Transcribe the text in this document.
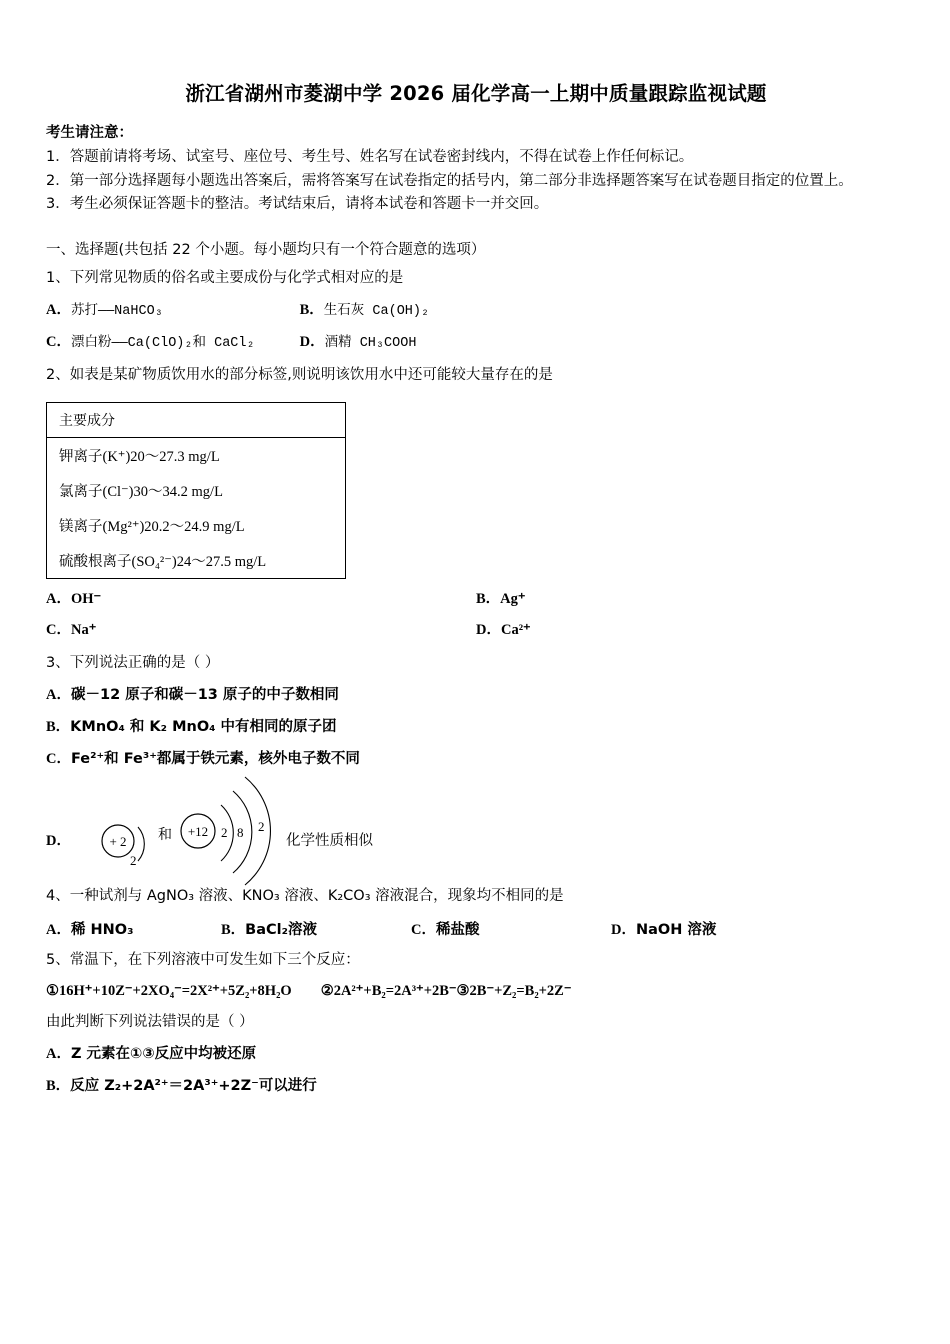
浙江省湖州市菱湖中学 2026 届化学高一上期中质量跟踪监视试题
考生请注意：
1．答题前请将考场、试室号、座位号、考生号、姓名写在试卷密封线内，不得在试卷上作任何标记。
2．第一部分选择题每小题选出答案后，需将答案写在试卷指定的括号内，第二部分非选择题答案写在试卷题目指定的位置上。
3．考生必须保证答题卡的整洁。考试结束后，请将本试卷和答题卡一并交回。
一、选择题(共包括 22 个小题。每小题均只有一个符合题意的选项）
1、下列常见物质的俗名或主要成份与化学式相对应的是
A．苏打——NaHCO₃	B．生石灰 Ca(OH)₂
C．漂白粉——Ca(ClO)₂和 CaCl₂	D．酒精 CH₃COOH
2、如表是某矿物质饮用水的部分标签,则说明该饮用水中还可能较大量存在的是
主要成分
钾离子(K⁺)20～27.3 mg/L
氯离子(Cl⁻)30～34.2 mg/L
镁离子(Mg²⁺)20.2～24.9 mg/L
硫酸根离子(SO₄²⁻)24～27.5 mg/L
A．OH⁻	B．Ag⁺
C．Na⁺	D．Ca²⁺
3、下列说法正确的是（ ）
A．碳－12 原子和碳－13 原子的中子数相同
B．KMnO₄ 和 K₂ MnO₄ 中有相同的原子团
C．Fe²⁺和 Fe³⁺都属于铁元素，核外电子数不同
D．	+ 2
2
和 +12 2 8 2
化学性质相似
4、一种试剂与 AgNO₃ 溶液、KNO₃ 溶液、K₂CO₃ 溶液混合，现象均不相同的是
A．稀 HNO₃	B．BaCl₂溶液	C．稀盐酸	D．NaOH 溶液
5、常温下，在下列溶液中可发生如下三个反应：
①16H⁺+10Z⁻+2XO₄⁻=2X²⁺+5Z₂+8H₂O　　②2A²⁺+B₂=2A³⁺+2B⁻③2B⁻+Z₂=B₂+2Z⁻
由此判断下列说法错误的是（ ）
A．Z 元素在①③反应中均被还原
B．反应 Z₂+2A²⁺＝2A³⁺+2Z⁻可以进行
